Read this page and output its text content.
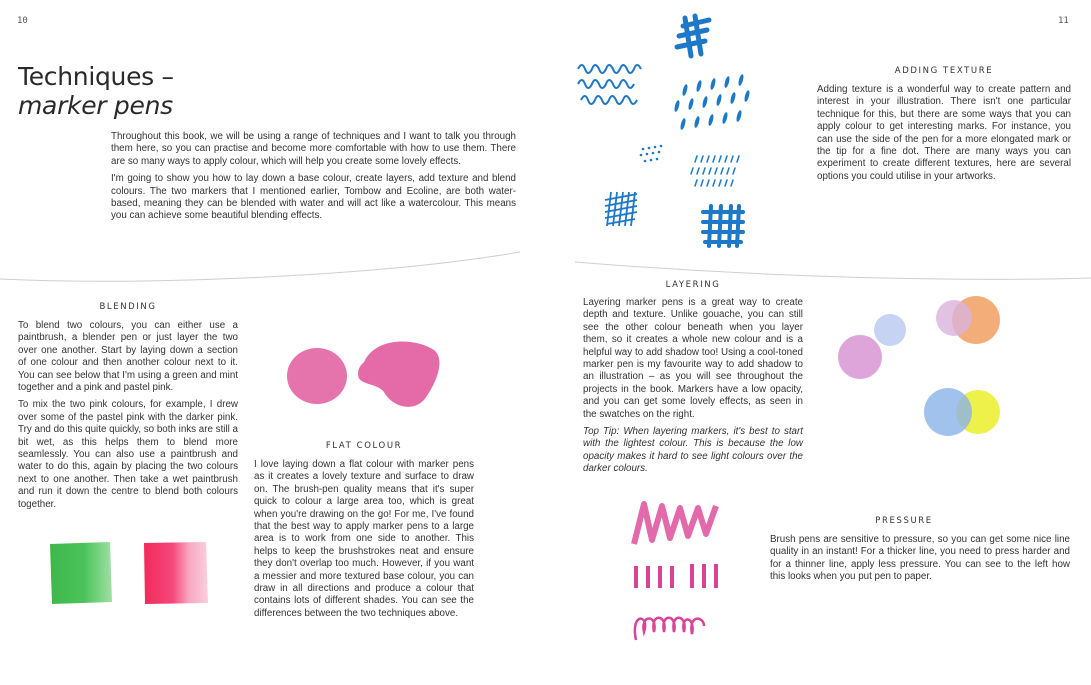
10	11
Techniques –
marker pens

Throughout this book, we will be using a range of techniques and I want to talk you through them here, so you can practise and become more comfortable with how to use them. There are so many ways to apply colour, which will help you create some lovely effects.

I'm going to show you how to lay down a base colour, create layers, add texture and blend colours. The two markers that I mentioned earlier, Tombow and Ecoline, are both water-based, meaning they can be blended with water and will act like a watercolour. This means you can achieve some beautiful blending effects.

BLENDING

To blend two colours, you can either use a paintbrush, a blender pen or just layer the two over one another. Start by laying down a section of one colour and then another colour next to it. You can see below that I'm using a green and mint together and a pink and pastel pink.

To mix the two pink colours, for example, I drew over some of the pastel pink with the darker pink. Try and do this quite quickly, so both inks are still a bit wet, as this helps them to blend more seamlessly. You can also use a paintbrush and water to do this, again by placing the two colours next to one another. Then take a wet paintbrush and run it down the centre to blend both colours together.

FLAT COLOUR

I love laying down a flat colour with marker pens as it creates a lovely texture and surface to draw on. The brush-pen quality means that it's super quick to colour a large area too, which is great when you're drawing on the go! For me, I've found that the best way to apply marker pens to a large area is to work from one side to another. This helps to keep the brushstrokes neat and ensure they don't overlap too much. However, if you want a messier and more textured base colour, you can draw in all directions and produce a colour that contains lots of different shades. You can see the differences between the two techniques above.

ADDING TEXTURE

Adding texture is a wonderful way to create pattern and interest in your illustration. There isn't one particular technique for this, but there are some ways that you can apply colour to get interesting marks. For instance, you can use the side of the pen for a more elongated mark or the tip for a fine dot. There are many ways you can experiment to create different textures, here are several options you could utilise in your artworks.

LAYERING

Layering marker pens is a great way to create depth and texture. Unlike gouache, you can still see the other colour beneath when you layer them, so it creates a whole new colour and is a helpful way to add shadow too! Using a cool-toned marker pen is my favourite way to add shadow to an illustration – as you will see throughout the projects in the book. Markers have a low opacity, and you can get some lovely effects, as seen in the swatches on the right.

Top Tip: When layering markers, it's best to start with the lightest colour. This is because the low opacity makes it hard to see light colours over the darker colours.

PRESSURE

Brush pens are sensitive to pressure, so you can get some nice line quality in an instant! For a thicker line, you need to press harder and for a thinner line, apply less pressure. You can see to the left how this looks when you put pen to paper.
